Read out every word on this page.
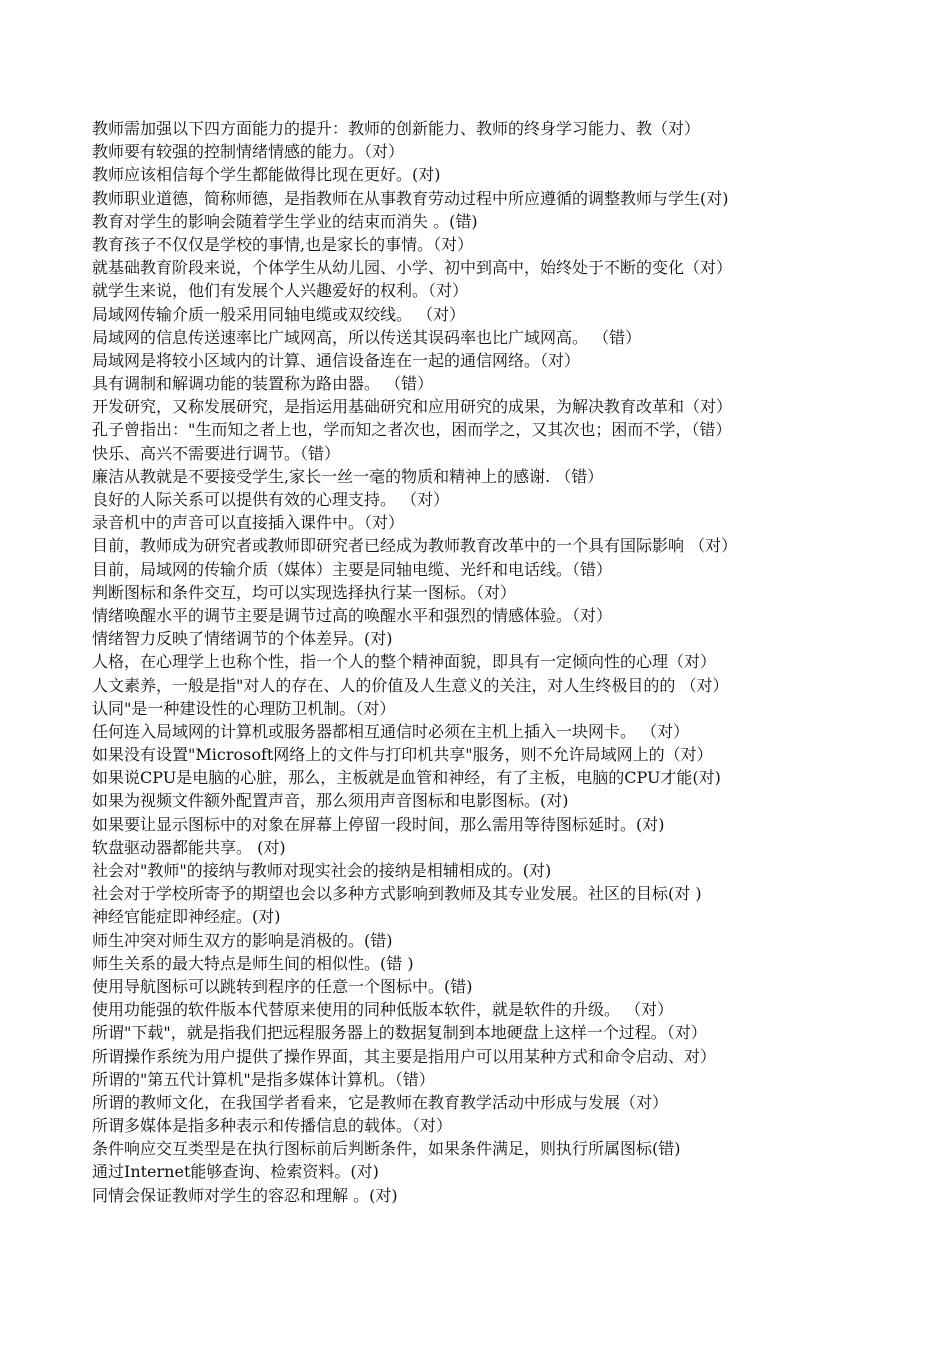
教师需加强以下四方面能力的提升：教师的创新能力、教师的终身学习能力、教（对）
教师要有较强的控制情绪情感的能力。（对）
教师应该相信每个学生都能做得比现在更好。(对)
教师职业道德，简称师德，是指教师在从事教育劳动过程中所应遵循的调整教师与学生(对)
教育对学生的影响会随着学生学业的结束而消失 。(错)
教育孩子不仅仅是学校的事情,也是家长的事情。（对）
就基础教育阶段来说，个体学生从幼儿园、小学、初中到高中，始终处于不断的变化（对）
就学生来说，他们有发展个人兴趣爱好的权利。（对）
局域网传输介质一般采用同轴电缆或双绞线。 （对）
局域网的信息传送速率比广域网高，所以传送其误码率也比广域网高。 （错）
局域网是将较小区域内的计算、通信设备连在一起的通信网络。（对）
具有调制和解调功能的装置称为路由器。 （错）
开发研究，又称发展研究，是指运用基础研究和应用研究的成果，为解决教育改革和（对）
孔子曾指出："生而知之者上也，学而知之者次也，困而学之，又其次也；困而不学，（错）
快乐、高兴不需要进行调节。（错）
廉洁从教就是不要接受学生,家长一丝一毫的物质和精神上的感谢. （错）
良好的人际关系可以提供有效的心理支持。 （对）
录音机中的声音可以直接插入课件中。（对）
目前，教师成为研究者或教师即研究者已经成为教师教育改革中的一个具有国际影响 （对）
目前，局域网的传输介质（媒体）主要是同轴电缆、光纤和电话线。（错）
判断图标和条件交互，均可以实现选择执行某一图标。（对）
情绪唤醒水平的调节主要是调节过高的唤醒水平和强烈的情感体验。（对）
情绪智力反映了情绪调节的个体差异。(对)
人格，在心理学上也称个性，指一个人的整个精神面貌，即具有一定倾向性的心理（对）
人文素养，一般是指"对人的存在、人的价值及人生意义的关注，对人生终极目的的 （对）
认同"是一种建设性的心理防卫机制。（对）
任何连入局域网的计算机或服务器都相互通信时必须在主机上插入一块网卡。 （对）
如果没有设置"Microsoft网络上的文件与打印机共享"服务，则不允许局域网上的（对）
如果说CPU是电脑的心脏，那么，主板就是血管和神经，有了主板，电脑的CPU才能(对)
如果为视频文件额外配置声音，那么须用声音图标和电影图标。(对)
如果要让显示图标中的对象在屏幕上停留一段时间，那么需用等待图标延时。(对)
软盘驱动器都能共享。 (对)
社会对"教师"的接纳与教师对现实社会的接纳是相辅相成的。(对)
社会对于学校所寄予的期望也会以多种方式影响到教师及其专业发展。社区的目标(对 )
神经官能症即神经症。(对)
师生冲突对师生双方的影响是消极的。(错)
师生关系的最大特点是师生间的相似性。(错 )
使用导航图标可以跳转到程序的任意一个图标中。(错)
使用功能强的软件版本代替原来使用的同种低版本软件，就是软件的升级。 （对）
所谓"下载"，就是指我们把远程服务器上的数据复制到本地硬盘上这样一个过程。（对）
所谓操作系统为用户提供了操作界面，其主要是指用户可以用某种方式和命令启动、对）
所谓的"第五代计算机"是指多媒体计算机。（错）
所谓的教师文化，在我国学者看来，它是教师在教育教学活动中形成与发展（对）
所谓多媒体是指多种表示和传播信息的载体。（对）
条件响应交互类型是在执行图标前后判断条件，如果条件满足，则执行所属图标(错)
通过Internet能够查询、检索资料。(对)
同情会保证教师对学生的容忍和理解 。(对)
